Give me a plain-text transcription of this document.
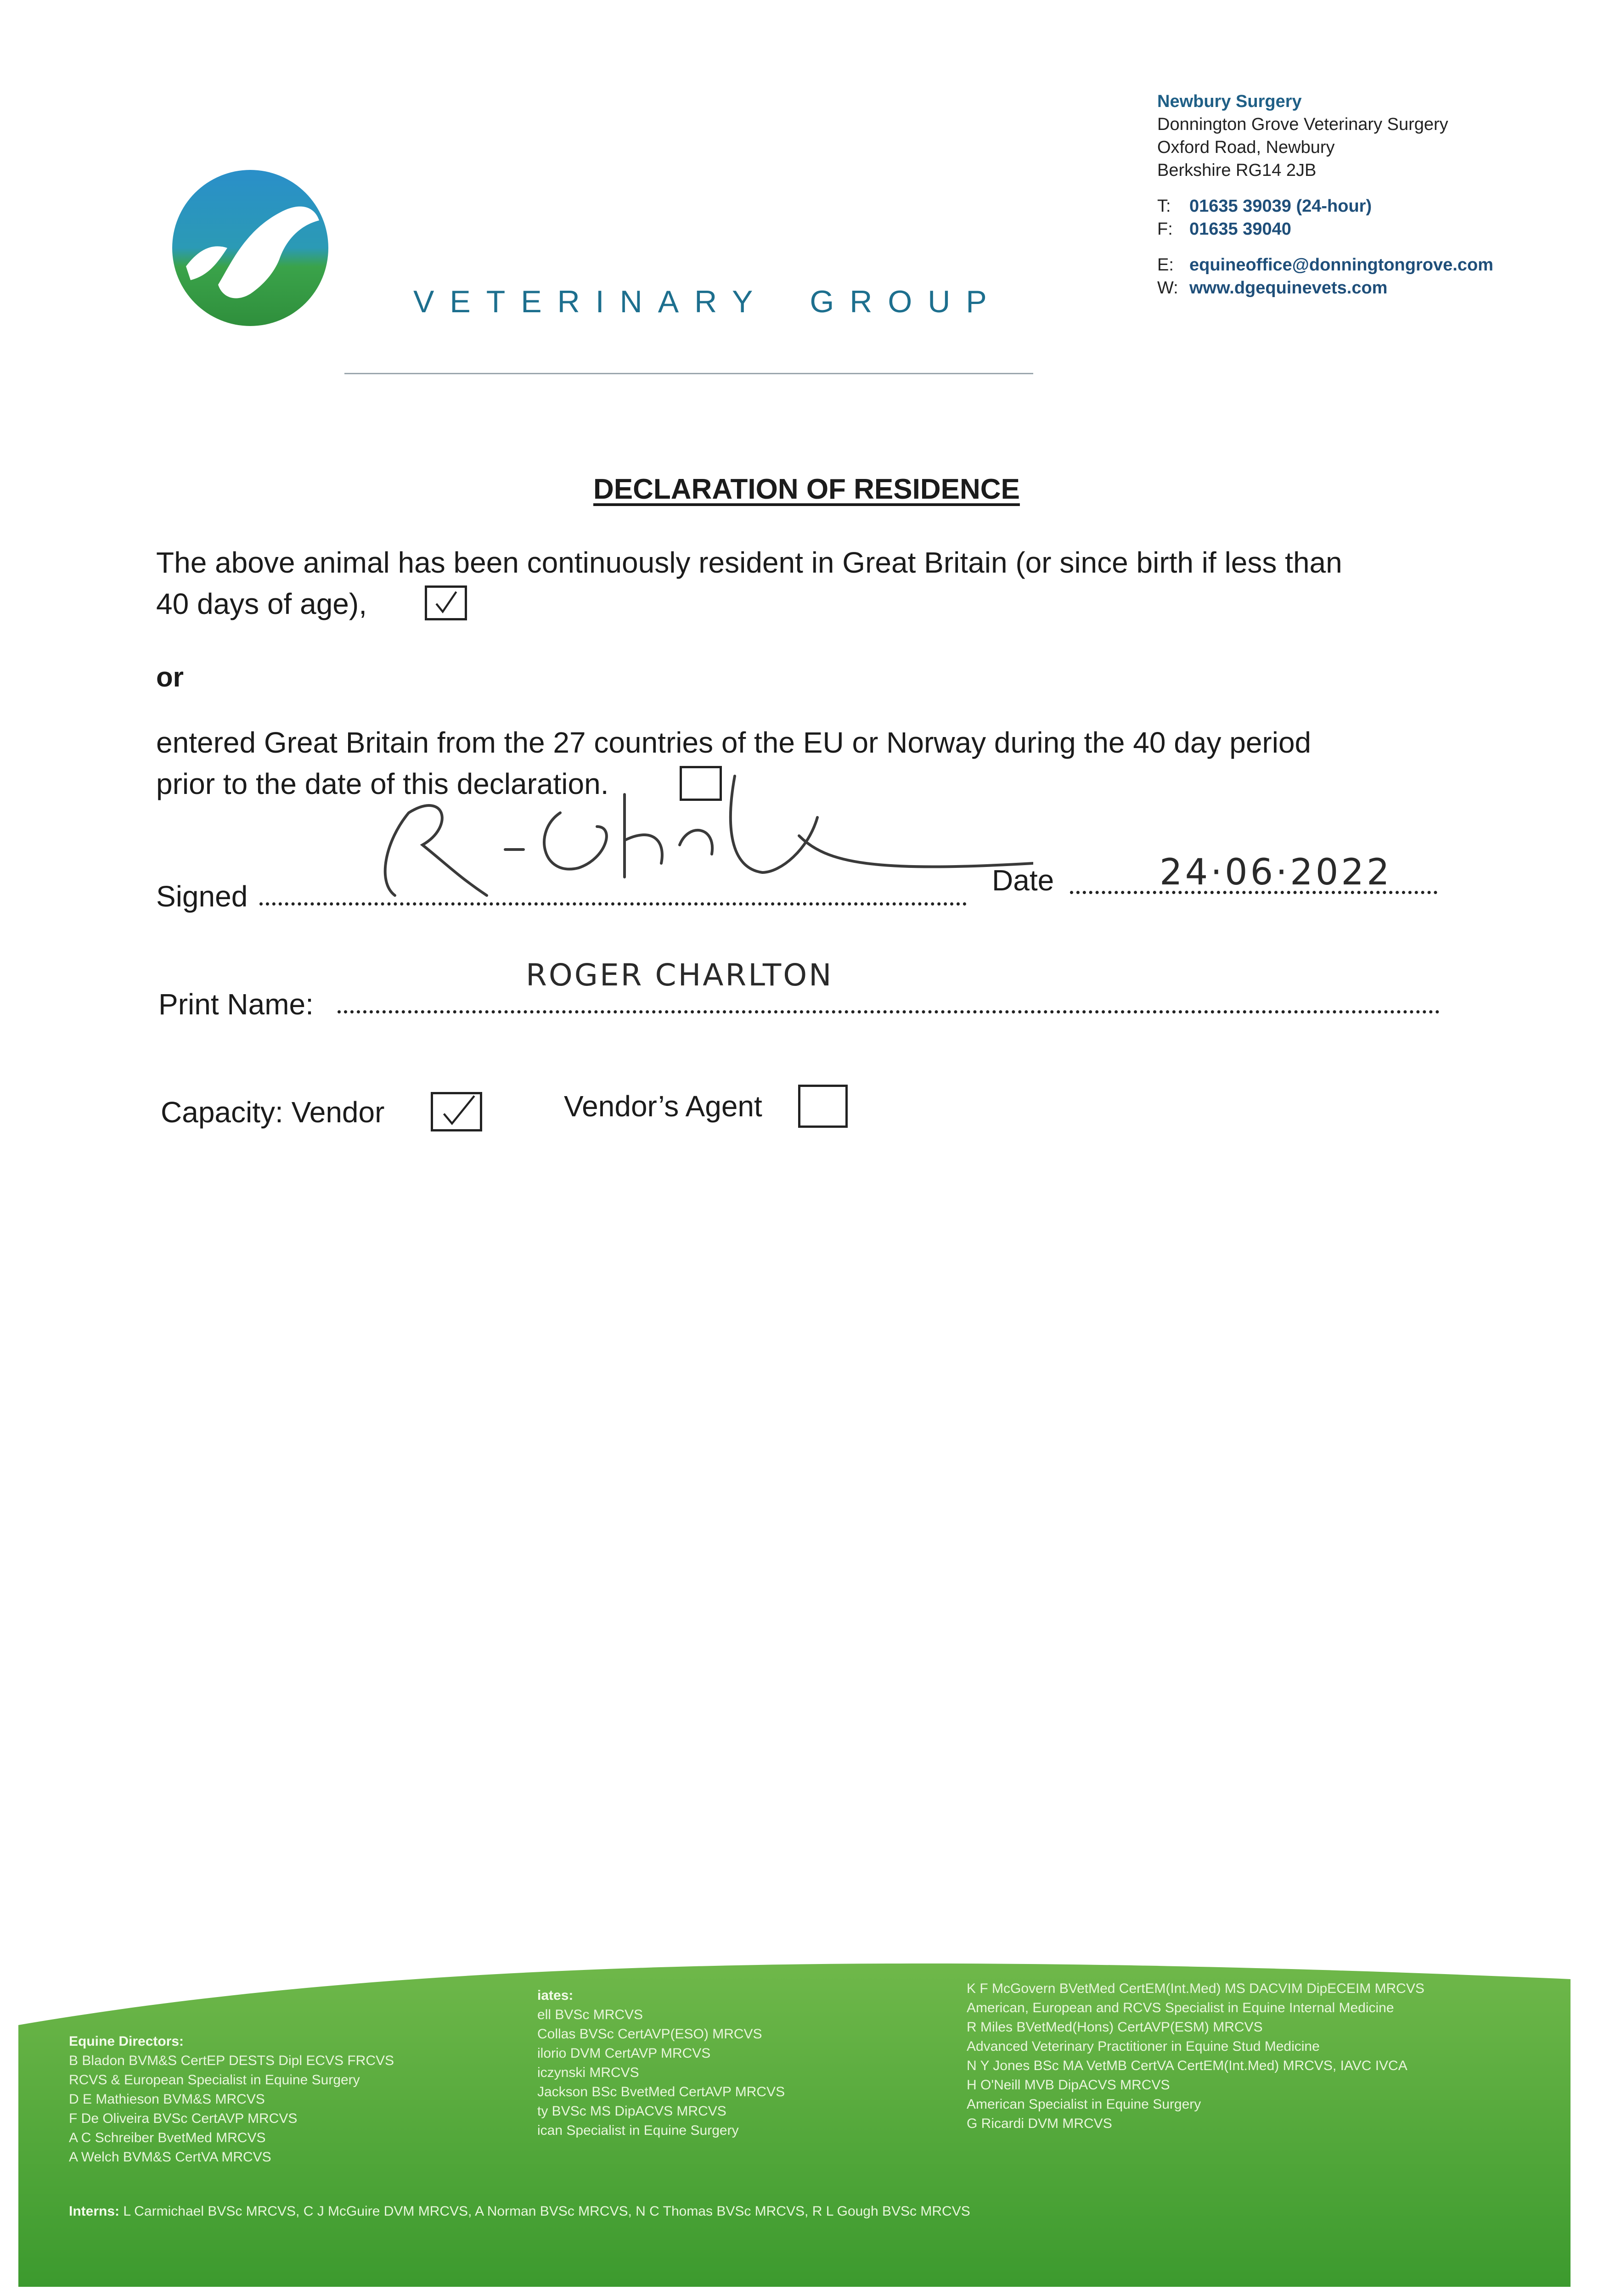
VETERINARY GROUP
Newbury Surgery
Donnington Grove Veterinary Surgery
Oxford Road, Newbury
Berkshire RG14 2JB
T:	01635 39039 (24-hour)
F: 01635 39040
E: equineoffice@donningtongrove.com
W: www.dgequinevets.com
DECLARATION OF RESIDENCE
The above animal has been continuously resident in Great Britain (or since birth if less than
40 days of age),
or
entered Great Britain from the 27 countries of the EU or Norway during the 40 day period
prior to the date of this declaration.
Signed	Date	24·06·2022
Print Name:
ROGER CHARLTON
Capacity: Vendor	Vendor’s Agent
Equine Directors:
B Bladon BVM&S CertEP DESTS Dipl ECVS FRCVS
RCVS & European Specialist in Equine Surgery
D E Mathieson BVM&S MRCVS
F De Oliveira BVSc CertAVP MRCVS
A C Schreiber BvetMed MRCVS
A Welch BVM&S CertVA MRCVS
iates:
ell BVSc MRCVS
Collas BVSc CertAVP(ESO) MRCVS
ilorio DVM CertAVP MRCVS
iczynski MRCVS
Jackson BSc BvetMed CertAVP MRCVS
ty BVSc MS DipACVS MRCVS
ican Specialist in Equine Surgery
K F McGovern BVetMed CertEM(Int.Med) MS DACVIM DipECEIM MRCVS
American, European and RCVS Specialist in Equine Internal Medicine
R Miles BVetMed(Hons) CertAVP(ESM) MRCVS
Advanced Veterinary Practitioner in Equine Stud Medicine
N Y Jones BSc MA VetMB CertVA CertEM(Int.Med) MRCVS, IAVC IVCA
H O'Neill MVB DipACVS MRCVS
American Specialist in Equine Surgery
G Ricardi DVM MRCVS
Interns: L Carmichael BVSc MRCVS, C J McGuire DVM MRCVS, A Norman BVSc MRCVS, N C Thomas BVSc MRCVS, R L Gough BVSc MRCVS
